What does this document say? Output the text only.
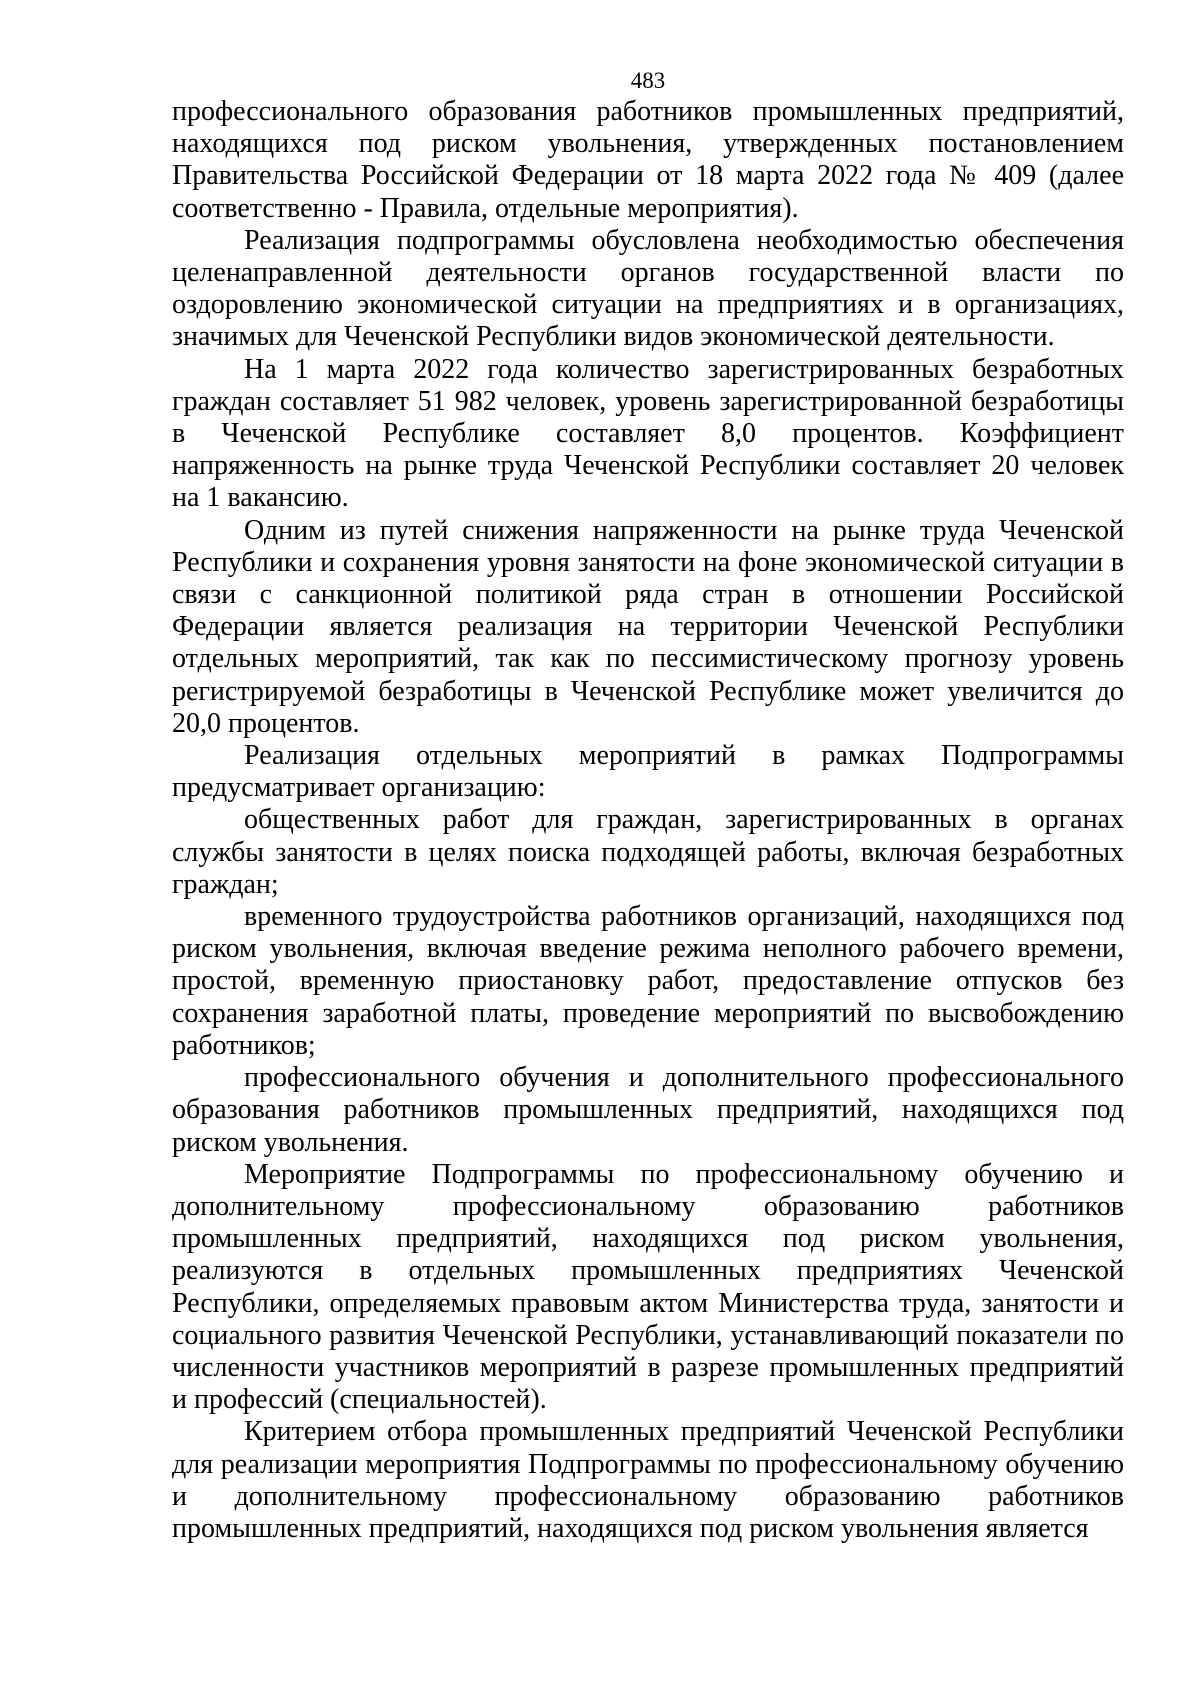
483

профессионального образования работников промышленных предприятий, находящихся под риском увольнения, утвержденных постановлением Правительства Российской Федерации от 18 марта 2022 года № 409 (далее соответственно - Правила, отдельные мероприятия).

Реализация подпрограммы обусловлена необходимостью обеспечения целенаправленной деятельности органов государственной власти по оздоровлению экономической ситуации на предприятиях и в организациях, значимых для Чеченской Республики видов экономической деятельности.

На 1 марта 2022 года количество зарегистрированных безработных граждан составляет 51 982 человек, уровень зарегистрированной безработицы в Чеченской Республике составляет 8,0 процентов. Коэффициент напряженность на рынке труда Чеченской Республики составляет 20 человек на 1 вакансию.

Одним из путей снижения напряженности на рынке труда Чеченской Республики и сохранения уровня занятости на фоне экономической ситуации в связи с санкционной политикой ряда стран в отношении Российской Федерации является реализация на территории Чеченской Республики отдельных мероприятий, так как по пессимистическому прогнозу уровень регистрируемой безработицы в Чеченской Республике может увеличится до 20,0 процентов.

Реализация отдельных мероприятий в рамках Подпрограммы предусматривает организацию:

общественных работ для граждан, зарегистрированных в органах службы занятости в целях поиска подходящей работы, включая безработных граждан;

временного трудоустройства работников организаций, находящихся под риском увольнения, включая введение режима неполного рабочего времени, простой, временную приостановку работ, предоставление отпусков без сохранения заработной платы, проведение мероприятий по высвобождению работников;

профессионального обучения и дополнительного профессионального образования работников промышленных предприятий, находящихся под риском увольнения.

Мероприятие Подпрограммы по профессиональному обучению и дополнительному профессиональному образованию работников промышленных предприятий, находящихся под риском увольнения, реализуются в отдельных промышленных предприятиях Чеченской Республики, определяемых правовым актом Министерства труда, занятости и социального развития Чеченской Республики, устанавливающий показатели по численности участников мероприятий в разрезе промышленных предприятий и профессий (специальностей).

Критерием отбора промышленных предприятий Чеченской Республики для реализации мероприятия Подпрограммы по профессиональному обучению и дополнительному профессиональному образованию работников промышленных предприятий, находящихся под риском увольнения является
